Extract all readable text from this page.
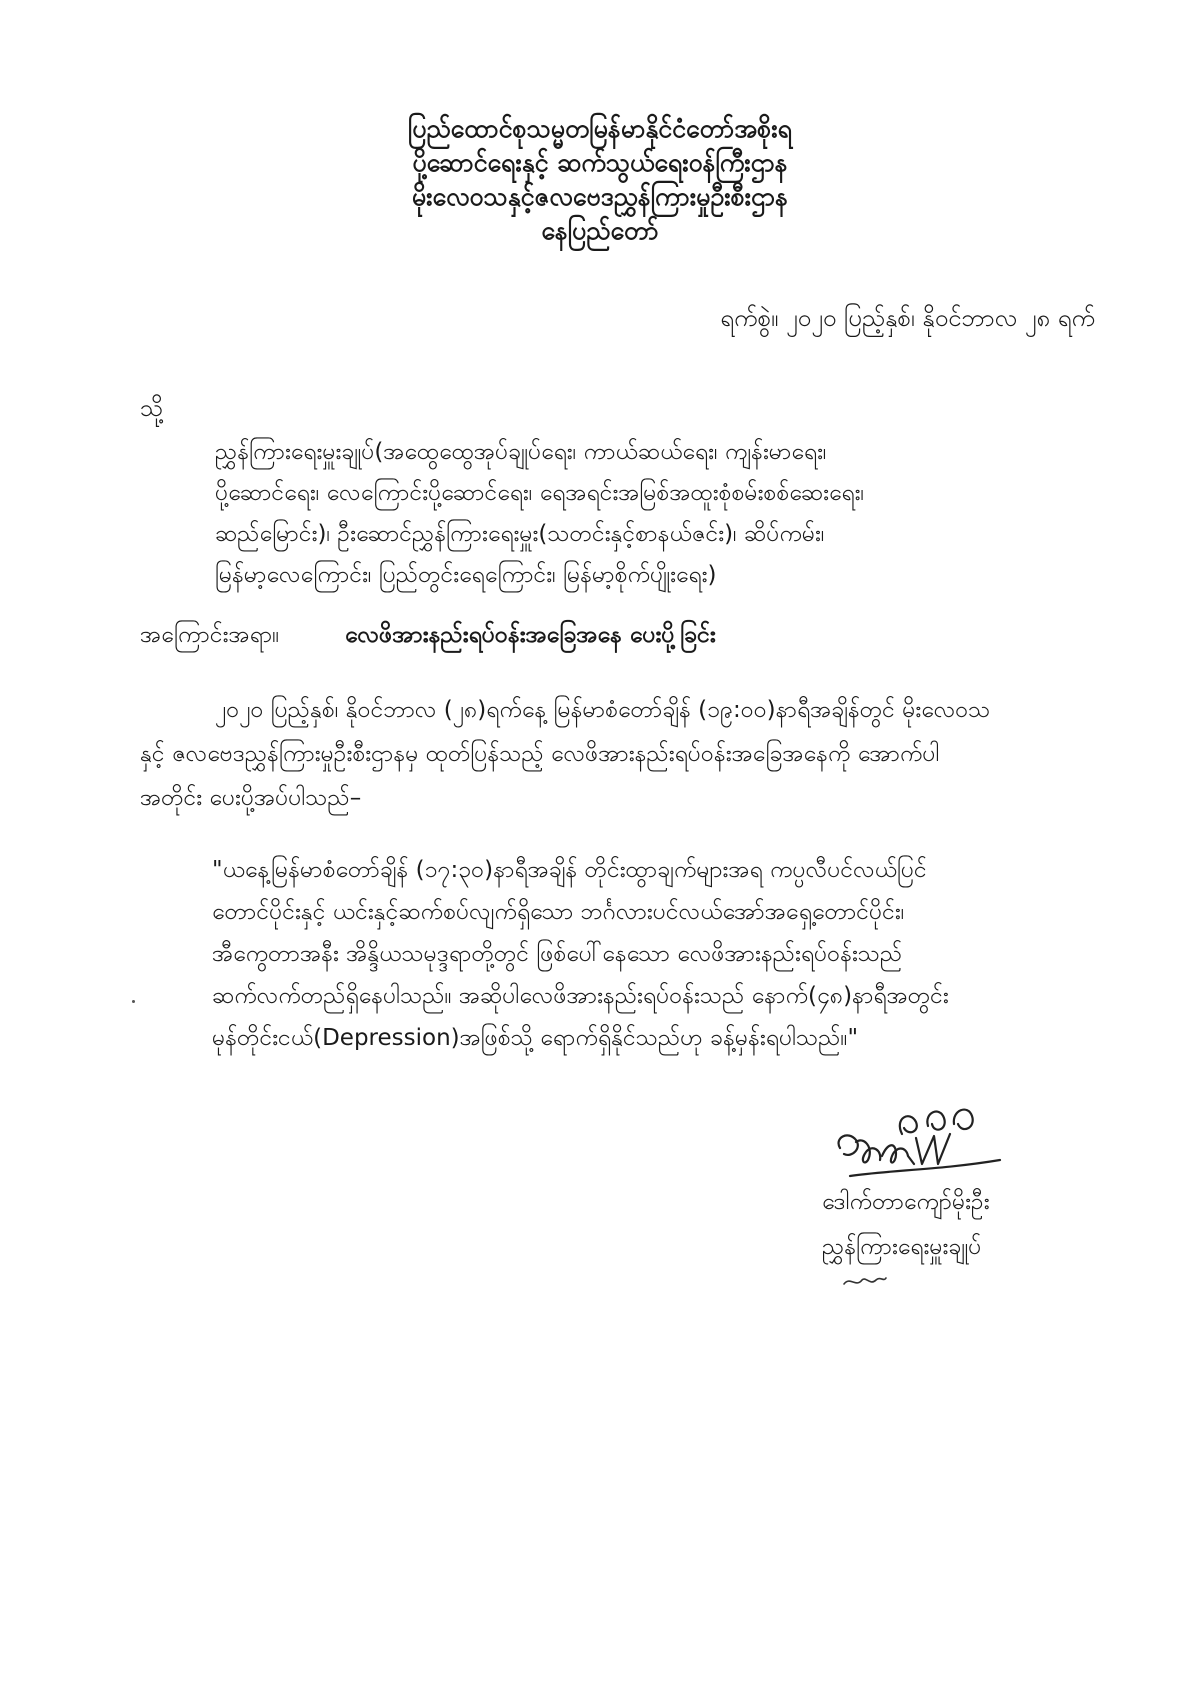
ပြည်ထောင်စုသမ္မတမြန်မာနိုင်ငံတော်အစိုးရ
ပို့ဆောင်ရေးနှင့် ဆက်သွယ်ရေးဝန်ကြီးဌာန
မိုးလေဝသနှင့်ဇလဗေဒညွှန်ကြားမှုဦးစီးဌာန
နေပြည်တော်
ရက်စွဲ။ ၂၀၂၀ ပြည့်နှစ်၊ နိုဝင်ဘာလ ၂၈ ရက်
သို့
ညွှန်ကြားရေးမှူးချုပ်(အထွေထွေအုပ်ချုပ်ရေး၊ ကာယ်ဆယ်ရေး၊ ကျန်းမာရေး၊
ပို့ဆောင်ရေး၊ လေကြောင်းပို့ဆောင်ရေး၊ ရေအရင်းအမြစ်အထူးစုံစမ်းစစ်ဆေးရေး၊
ဆည်မြောင်း)၊ ဦးဆောင်ညွှန်ကြားရေးမှူး(သတင်းနှင့်စာနယ်ဇင်း)၊ ဆိပ်ကမ်း၊
မြန်မာ့လေကြောင်း၊ ပြည်တွင်းရေကြောင်း၊ မြန်မာ့စိုက်ပျိုးရေး)
အကြောင်းအရာ။	လေဖိအားနည်းရပ်ဝန်းအခြေအနေ ပေးပို့ခြင်း
၂၀၂၀ ပြည့်နှစ်၊ နိုဝင်ဘာလ (၂၈)ရက်နေ့ မြန်မာစံတော်ချိန် (၁၉:၀၀)နာရီအချိန်တွင် မိုးလေဝသ
နှင့် ဇလဗေဒညွှန်ကြားမှုဦးစီးဌာနမှ ထုတ်ပြန်သည့် လေဖိအားနည်းရပ်ဝန်းအခြေအနေကို အောက်ပါ
အတိုင်း ပေးပို့အပ်ပါသည်–
"ယနေ့မြန်မာစံတော်ချိန် (၁၇:၃၀)နာရီအချိန် တိုင်းထွာချက်များအရ ကပ္ပလီပင်လယ်ပြင်
တောင်ပိုင်းနှင့် ယင်းနှင့်ဆက်စပ်လျက်ရှိသော ဘင်္ဂလားပင်လယ်အော်အရှေ့တောင်ပိုင်း၊
အီကွေတာအနီး အိန္ဒိယသမုဒ္ဒရာတို့တွင် ဖြစ်ပေါ်နေသော လေဖိအားနည်းရပ်ဝန်းသည်
ဆက်လက်တည်ရှိနေပါသည်။ အဆိုပါလေဖိအားနည်းရပ်ဝန်းသည် နောက်(၄၈)နာရီအတွင်း
မုန်တိုင်းငယ်(Depression)အဖြစ်သို့ ရောက်ရှိနိုင်သည်ဟု ခန့်မှန်းရပါသည်။"
ဒေါက်တာကျော်မိုးဦး
ညွှန်ကြားရေးမှူးချုပ်
